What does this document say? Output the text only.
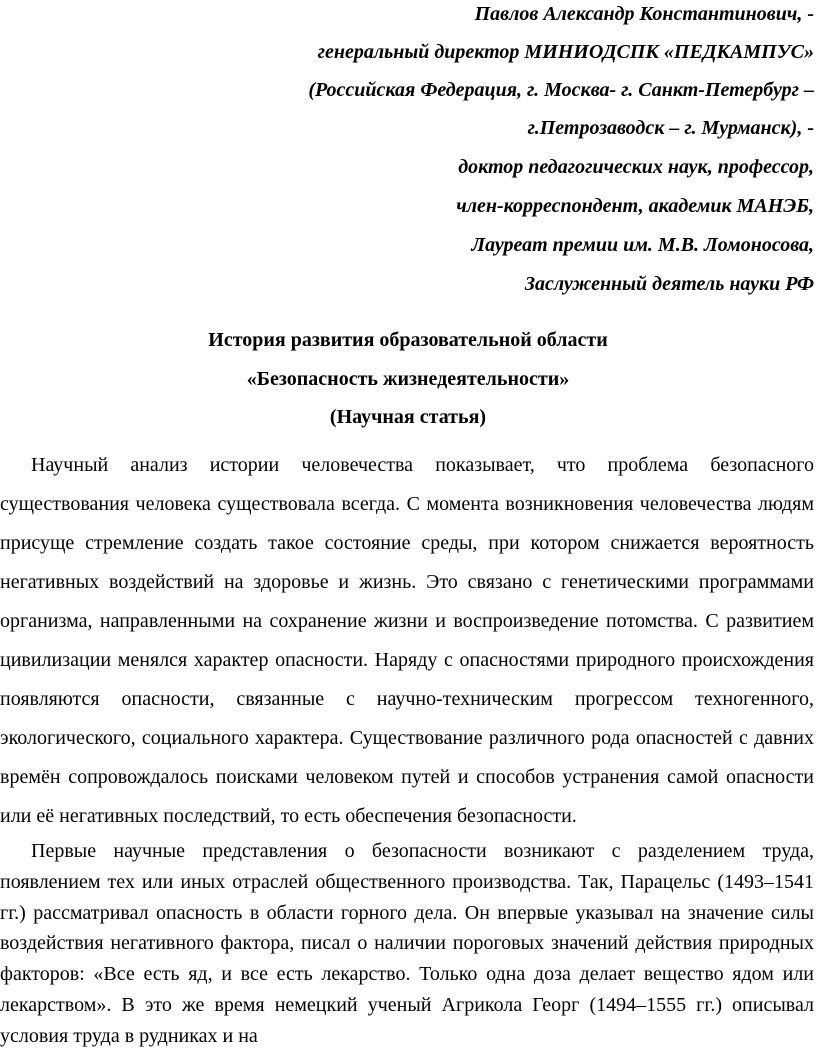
Павлов Александр Константинович, -
генеральный директор МИНИОДСПК «ПЕДКАМПУС»
(Российская Федерация, г. Москва- г. Санкт-Петербург –
г.Петрозаводск – г. Мурманск), -
доктор педагогических наук, профессор,
член-корреспондент, академик МАНЭБ,
Лауреат премии им. М.В. Ломоносова,
Заслуженный деятель науки РФ
История развития образовательной области
«Безопасность жизнедеятельности»
(Научная статья)

Научный анализ истории человечества показывает, что проблема безопасного существования человека существовала всегда. С момента возникновения человечества людям присуще стремление создать такое состояние среды, при котором снижается вероятность негативных воздействий на здоровье и жизнь. Это связано с генетическими программами организма, направленными на сохранение жизни и воспроизведение потомства. С развитием цивилизации менялся характер опасности. Наряду с опасностями природного происхождения появляются опасности, связанные с научно-техническим прогрессом техногенного, экологического, социального характера. Существование различного рода опасностей с давних времён сопровождалось поисками человеком путей и способов устранения самой опасности или её негативных последствий, то есть обеспечения безопасности.

Первые научные представления о безопасности возникают с разделением труда, появлением тех или иных отраслей общественного производства. Так, Парацельс (1493–1541 гг.) рассматривал опасность в области горного дела. Он впервые указывал на значение силы воздействия негативного фактора, писал о наличии пороговых значений действия природных факторов: «Все есть яд, и все есть лекарство. Только одна доза делает вещество ядом или лекарством». В это же время немецкий ученый Агрикола Георг (1494–1555 гг.) описывал условия труда в рудниках и на
